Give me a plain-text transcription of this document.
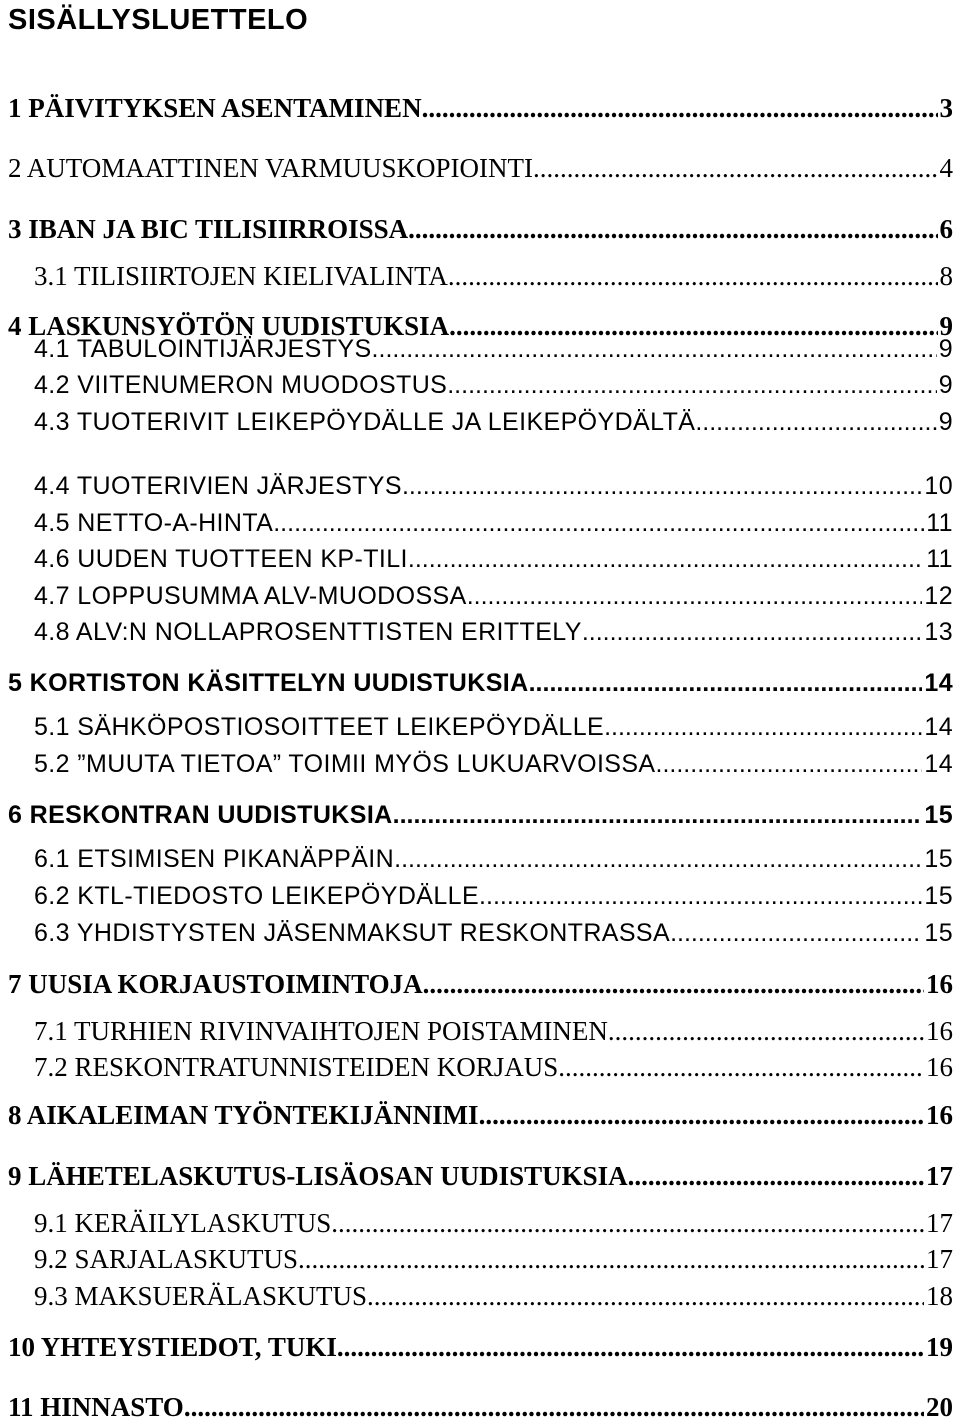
SISÄLLYSLUETTELO
1 PÄIVITYKSEN ASENTAMINEN .....	3
2 AUTOMAATTINEN VARMUUSKOPIOINTI .....	4
3 IBAN JA BIC TILISIIRROISSA .....	6
3.1 TILISIIRTOJEN KIELIVALINTA .....	8
4 LASKUNSYÖTÖN UUDISTUKSIA .....	9
4.1 TABULOINTIJÄRJESTYS .....	9
4.2 VIITENUMERON MUODOSTUS .....	9
4.3 TUOTERIVIT LEIKEPÖYDÄLLE JA LEIKEPÖYDÄLTÄ .....	9
4.4 TUOTERIVIEN JÄRJESTYS .....	10
4.5 NETTO-A-HINTA .....	11
4.6 UUDEN TUOTTEEN KP-TILI .....	11
4.7 LOPPUSUMMA ALV-MUODOSSA .....	12
4.8 ALV:N NOLLAPROSENTTISTEN ERITTELY .....	13
5 KORTISTON KÄSITTELYN UUDISTUKSIA .....	14
5.1 SÄHKÖPOSTIOSOITTEET LEIKEPÖYDÄLLE .....	14
5.2 ”MUUTA TIETOA” TOIMII MYÖS LUKUARVOISSA .....	14
6 RESKONTRAN UUDISTUKSIA .....	15
6.1 ETSIMISEN PIKANÄPPÄIN .....	15
6.2 KTL-TIEDOSTO LEIKEPÖYDÄLLE .....	15
6.3 YHDISTYSTEN JÄSENMAKSUT RESKONTRASSA .....	15
7 UUSIA KORJAUSTOIMINTOJA .....	16
7.1 TURHIEN RIVINVAIHTOJEN POISTAMINEN .....	16
7.2 RESKONTRATUNNISTEIDEN KORJAUS .....	16
8 AIKALEIMAN TYÖNTEKIJÄNNIMI .....	16
9 LÄHETELASKUTUS-LISÄOSAN UUDISTUKSIA .....	17
9.1 KERÄILYLASKUTUS .....	17
9.2 SARJALASKUTUS .....	17
9.3 MAKSUERÄLASKUTUS .....	18
10 YHTEYSTIEDOT, TUKI .....	19
11 HINNASTO .....	20
